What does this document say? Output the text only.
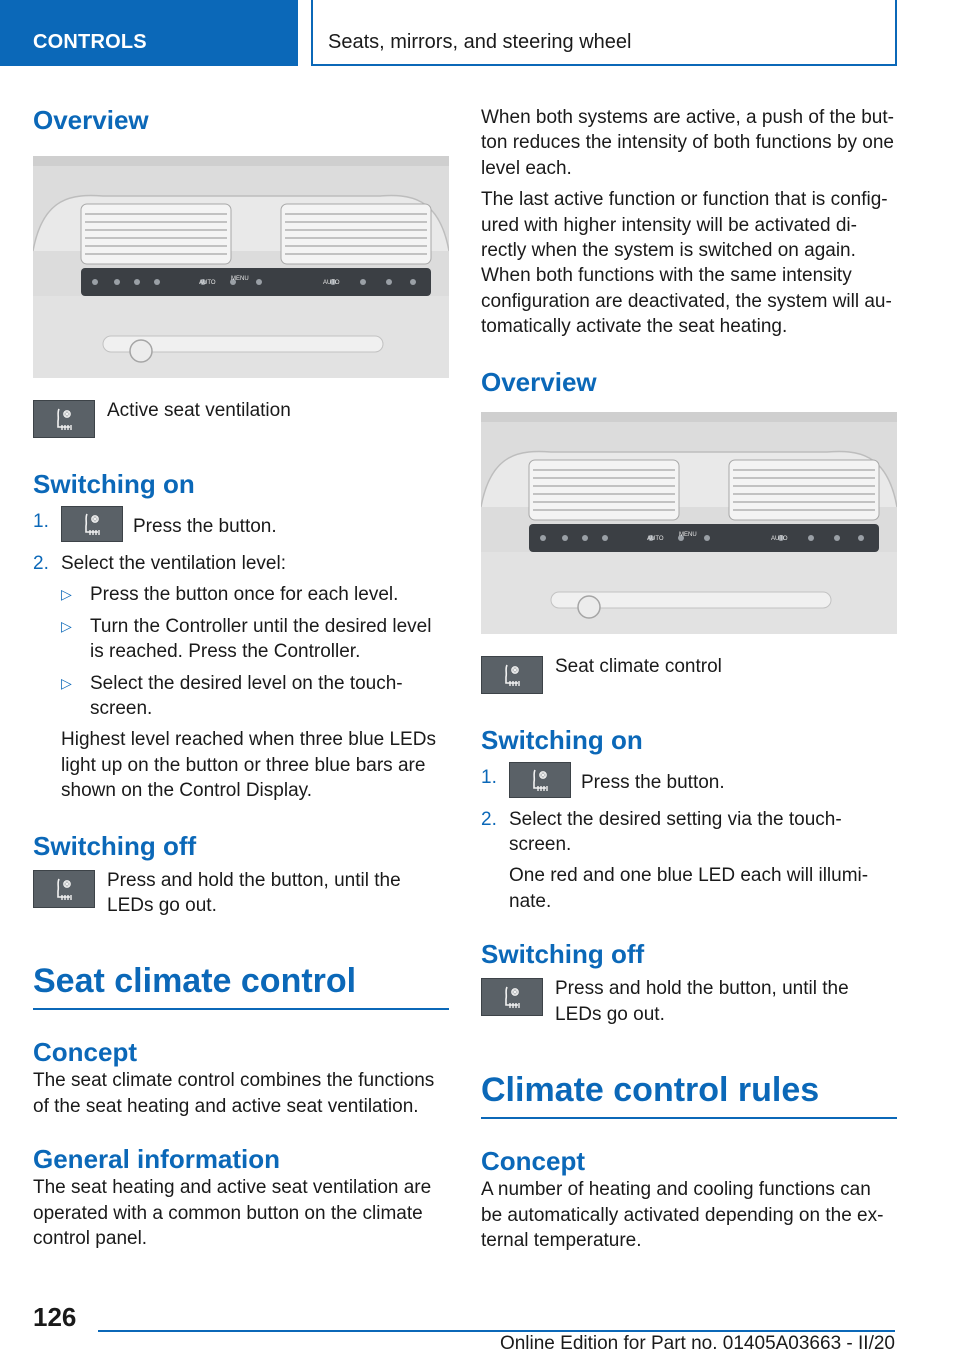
CONTROLS	Seats, mirrors, and steering wheel
Overview
AUTO
MENU
AUTO

Active seat ventilation

Switching on
1.	Press the button.

2. Select the ventilation level:

▷ Press the button once for each level.

▷ Turn the Controller until the desired level is reached. Press the Controller.

▷ Select the desired level on the touch-screen.

Highest level reached when three blue LEDs light up on the button or three blue bars are shown on the Control Display.

Switching off

Press and hold the button, until the LEDs go out.

Seat climate control
Concept

The seat climate control combines the functions of the seat heating and active seat ventilation.

General information

The seat heating and active seat ventilation are operated with a common button on the climate control panel.

When both systems are active, a push of the but-ton reduces the intensity of both functions by one level each.

The last active function or function that is config-ured with higher intensity will be activated di-rectly when the system is switched on again. When both functions with the same intensity configuration are deactivated, the system will au-tomatically activate the seat heating.

Overview
AUTO
MENU
AUTO

Seat climate control

Switching on
1.	Press the button.

2. Select the desired setting via the touch-screen.

One red and one blue LED each will illumi-nate.

Switching off

Press and hold the button, until the LEDs go out.

Climate control rules
Concept

A number of heating and cooling functions can be automatically activated depending on the ex-ternal temperature.

126
Online Edition for Part no. 01405A03663 - II/20
